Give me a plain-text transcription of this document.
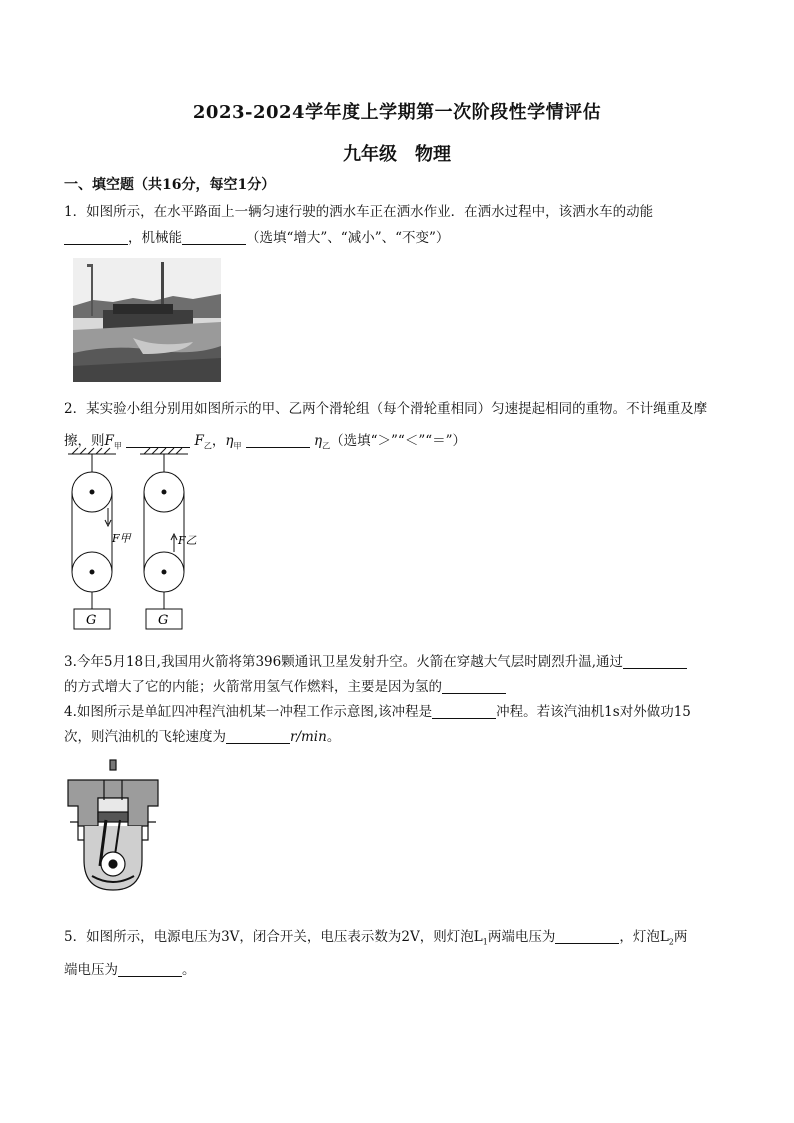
2023-2024学年度上学期第一次阶段性学情评估
九年级　物理
一、填空题（共16分，每空1分）
1．如图所示，在水平路面上一辆匀速行驶的洒水车正在洒水作业．在洒水过程中，该洒水车的动能
，机械能	（选填“增大”、“减小”、“不变”）
2．某实验小组分别用如图所示的甲、乙两个滑轮组（每个滑轮重相同）匀速提起相同的重物。不计绳重及摩
擦，则$F_甲$	$F_乙$，$\eta_甲$	$\eta_乙$（选填“＞”“＜”“＝”）
F甲	F乙
G	G
3.今年5月18日,我国用火箭将第396颗通讯卫星发射升空。火箭在穿越大气层时剧烈升温,通过
的方式增大了它的内能；火箭常用氢气作燃料，主要是因为氢的
4.如图所示是单缸四冲程汽油机某一冲程工作示意图,该冲程是	冲程。若该汽油机1s对外做功15
次，则汽油机的飞轮速度为	r/min。
5．如图所示，电源电压为3V，闭合开关，电压表示数为2V，则灯泡$L_1$两端电压为	，灯泡$L_2$两
端电压为	。
